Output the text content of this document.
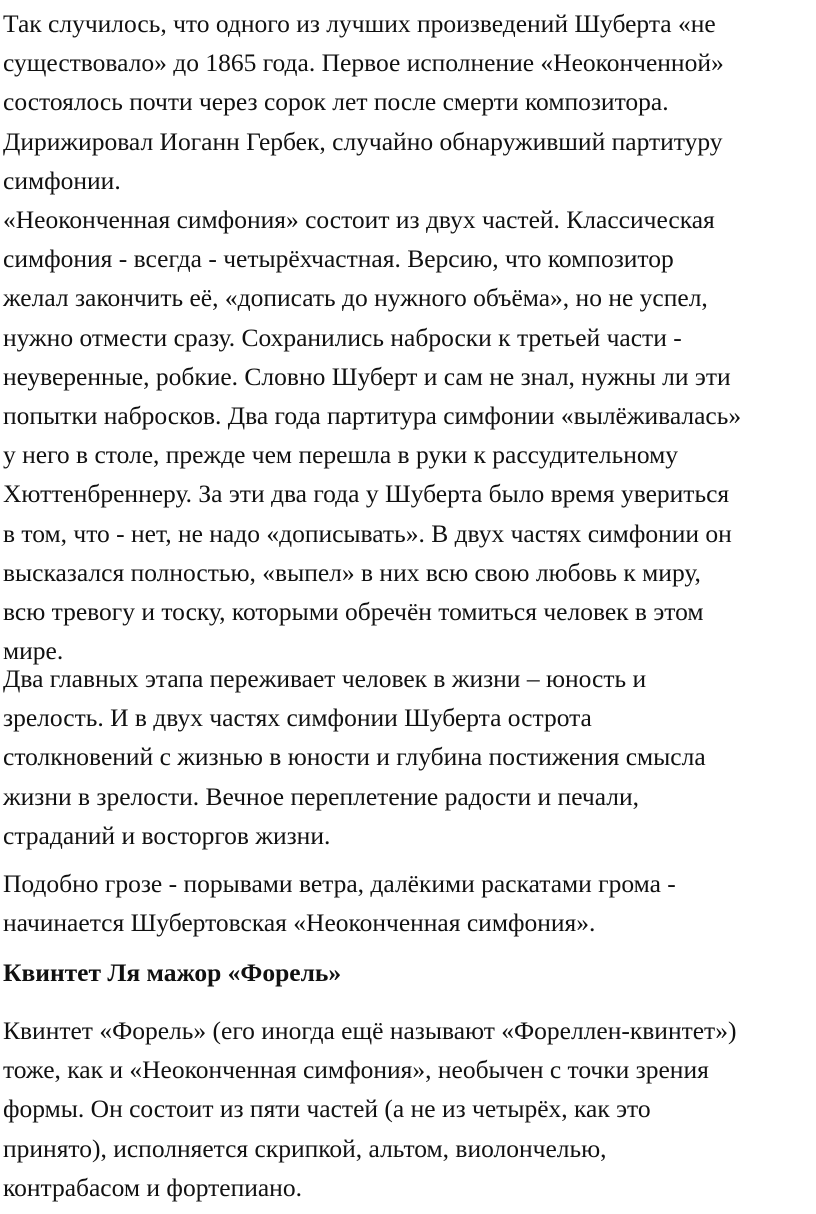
Так случилось, что одного из лучших произведений Шуберта «не
существовало» до 1865 года. Первое исполнение «Неоконченной»
состоялось почти через сорок лет после смерти композитора.
Дирижировал Иоганн Гербек, случайно обнаруживший партитуру
симфонии.

«Неоконченная симфония» состоит из двух частей. Классическая
симфония - всегда - четырёхчастная. Версию, что композитор
желал закончить её, «дописать до нужного объёма», но не успел,
нужно отмести сразу. Сохранились наброски к третьей части -
неуверенные, робкие. Словно Шуберт и сам не знал, нужны ли эти
попытки набросков. Два года партитура симфонии «вылёживалась»
у него в столе, прежде чем перешла в руки к рассудительному
Хюттенбреннеру. За эти два года у Шуберта было время увериться
в том, что - нет, не надо «дописывать». В двух частях симфонии он
высказался полностью, «выпел» в них всю свою любовь к миру,
всю тревогу и тоску, которыми обречён томиться человек в этом
мире.

Два главных этапа переживает человек в жизни – юность и
зрелость. И в двух частях симфонии Шуберта острота
столкновений с жизнью в юности и глубина постижения смысла
жизни в зрелости. Вечное переплетение радости и печали,
страданий и восторгов жизни.

Подобно грозе - порывами ветра, далёкими раскатами грома -
начинается Шубертовская «Неоконченная симфония».

Квинтет Ля мажор «Форель»

Квинтет «Форель» (его иногда ещё называют «Фореллен-квинтет»)
тоже, как и «Неоконченная симфония», необычен с точки зрения
формы. Он состоит из пяти частей (а не из четырёх, как это
принято), исполняется скрипкой, альтом, виолончелью,
контрабасом и фортепиано.
